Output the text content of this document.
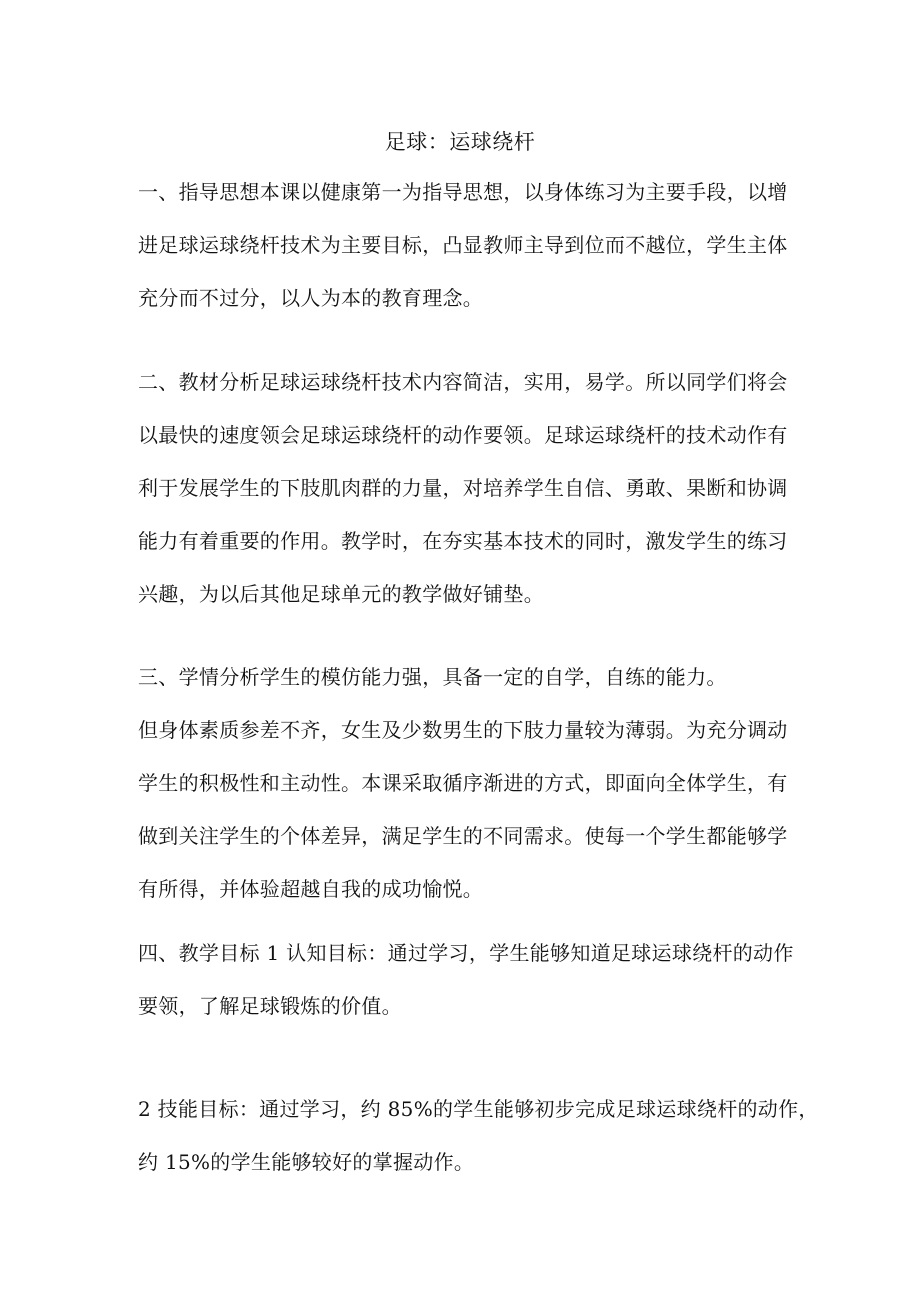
足球：运球绕杆
一、指导思想本课以健康第一为指导思想，以身体练习为主要手段，以增
进足球运球绕杆技术为主要目标，凸显教师主导到位而不越位，学生主体
充分而不过分，以人为本的教育理念。
二、教材分析足球运球绕杆技术内容简洁，实用，易学。所以同学们将会
以最快的速度领会足球运球绕杆的动作要领。足球运球绕杆的技术动作有
利于发展学生的下肢肌肉群的力量，对培养学生自信、勇敢、果断和协调
能力有着重要的作用。教学时，在夯实基本技术的同时，激发学生的练习
兴趣，为以后其他足球单元的教学做好铺垫。
三、学情分析学生的模仿能力强，具备一定的自学，自练的能力。
但身体素质参差不齐，女生及少数男生的下肢力量较为薄弱。为充分调动
学生的积极性和主动性。本课采取循序渐进的方式，即面向全体学生，有
做到关注学生的个体差异，满足学生的不同需求。使每一个学生都能够学
有所得，并体验超越自我的成功愉悦。
四、教学目标 1 认知目标：通过学习，学生能够知道足球运球绕杆的动作
要领，了解足球锻炼的价值。
2 技能目标：通过学习，约 85%的学生能够初步完成足球运球绕杆的动作，
约 15%的学生能够较好的掌握动作。
